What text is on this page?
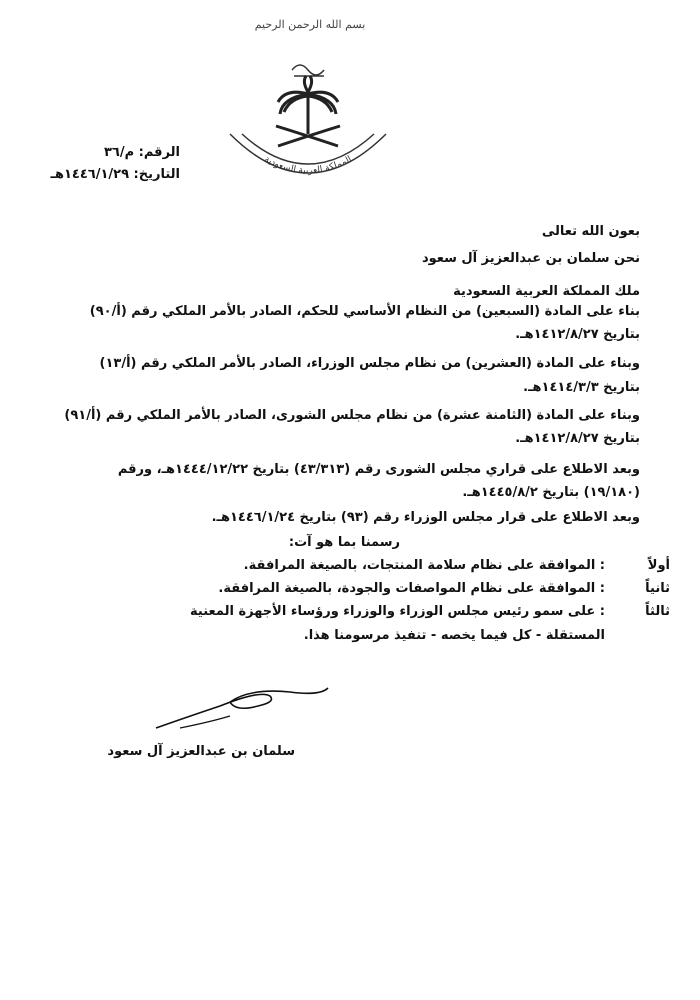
بسم الله الرحمن الرحيم
المملكة العربية السعودية
الرقم: م/٣٦
التاريخ: ١٤٤٦/١/٢٩هـ
بعون الله تعالى
نحن سلمان بن عبدالعزيز آل سعود
ملك المملكة العربية السعودية
بناء على المادة (السبعين) من النظام الأساسي للحكم، الصادر بالأمر الملكي رقم (أ/٩٠)
بتاريخ ١٤١٢/٨/٢٧هـ.
وبناء على المادة (العشرين) من نظام مجلس الوزراء، الصادر بالأمر الملكي رقم (أ/١٣)
بتاريخ ١٤١٤/٣/٣هـ.
وبناء على المادة (الثامنة عشرة) من نظام مجلس الشورى، الصادر بالأمر الملكي رقم (أ/٩١)
بتاريخ ١٤١٢/٨/٢٧هـ.
وبعد الاطلاع على قراري مجلس الشورى رقم (٤٣/٣١٣) بتاريخ ١٤٤٤/١٢/٢٢هـ، ورقم
(١٩/١٨٠) بتاريخ ١٤٤٥/٨/٢هـ.
وبعد الاطلاع على قرار مجلس الوزراء رقم (٩٣) بتاريخ ١٤٤٦/١/٢٤هـ.
رسمنا بما هو آت:
أولاً
: الموافقة على نظام سلامة المنتجات، بالصيغة المرافقة.
ثانياً
: الموافقة على نظام المواصفات والجودة، بالصيغة المرافقة.
ثالثاً
: على سمو رئيس مجلس الوزراء والوزراء ورؤساء الأجهزة المعنية
المستقلة - كل فيما يخصه - تنفيذ مرسومنا هذا.
سلمان بن عبدالعزيز آل سعود
